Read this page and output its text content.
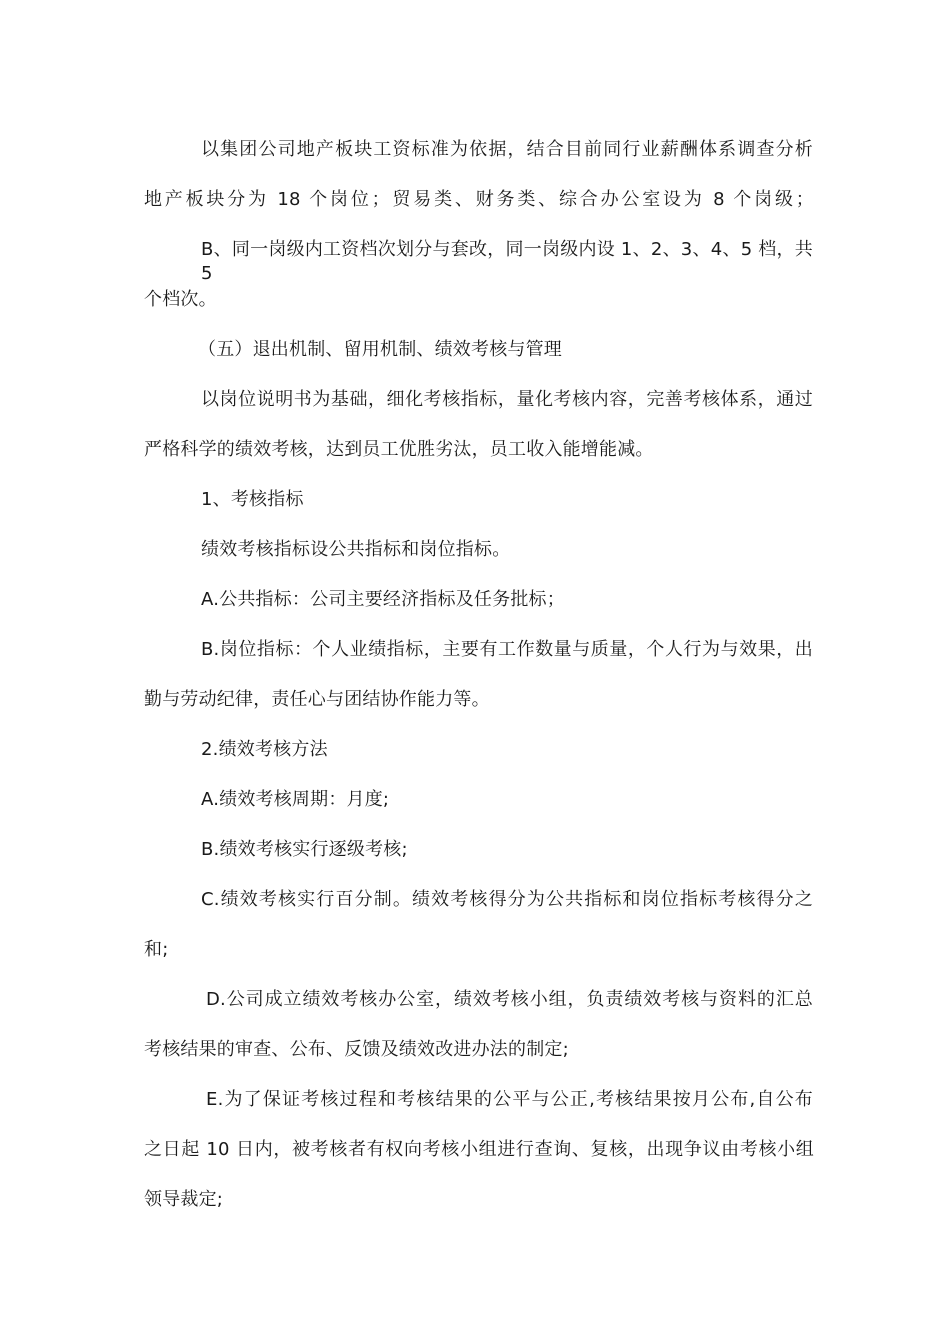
以集团公司地产板块工资标准为依据，结合目前同行业薪酬体系调查分析
地产板块分为 18 个岗位；贸易类、财务类、综合办公室设为 8 个岗级；
B、同一岗级内工资档次划分与套改，同一岗级内设 1、2、3、4、5 档，共 5
个档次。
（五）退出机制、留用机制、绩效考核与管理
以岗位说明书为基础，细化考核指标，量化考核内容，完善考核体系，通过
严格科学的绩效考核，达到员工优胜劣汰，员工收入能增能减。
1、考核指标
绩效考核指标设公共指标和岗位指标。
A.公共指标：公司主要经济指标及任务批标；
B.岗位指标：个人业绩指标，主要有工作数量与质量，个人行为与效果，出
勤与劳动纪律，责任心与团结协作能力等。
2.绩效考核方法
A.绩效考核周期：月度;
B.绩效考核实行逐级考核;
C.绩效考核实行百分制。绩效考核得分为公共指标和岗位指标考核得分之
和;
D.公司成立绩效考核办公室，绩效考核小组，负责绩效考核与资料的汇总
考核结果的审查、公布、反馈及绩效改进办法的制定;
E.为了保证考核过程和考核结果的公平与公正,考核结果按月公布,自公布
之日起 10 日内，被考核者有权向考核小组进行查询、复核，出现争议由考核小组
领导裁定;
